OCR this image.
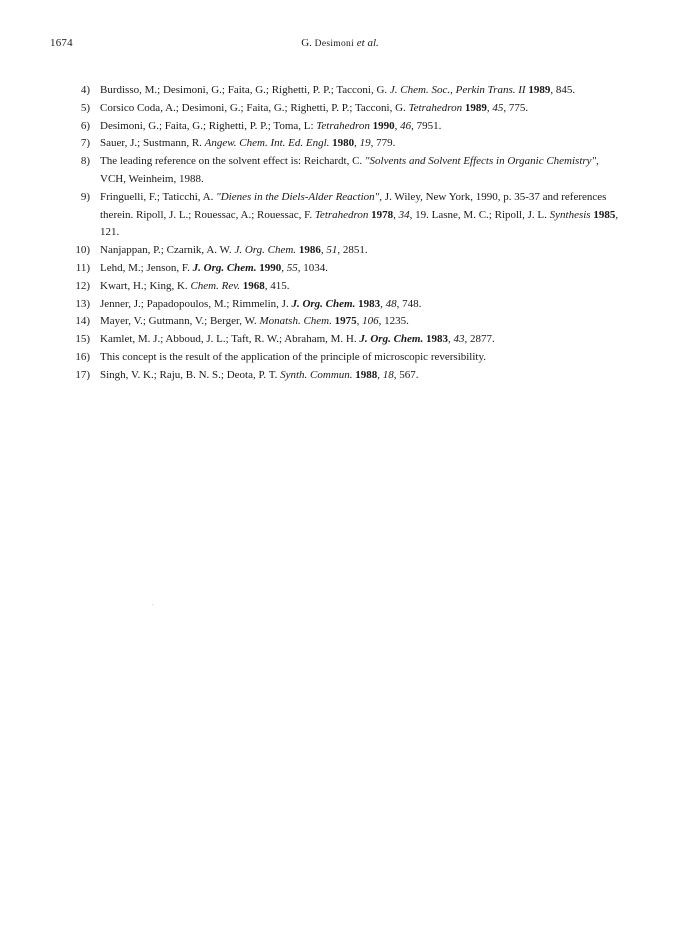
1674	G. Desimoni et al.
4) Burdisso, M.; Desimoni, G.; Faita, G.; Righetti, P. P.; Tacconi, G. J. Chem. Soc., Perkin Trans. II 1989, 845.
5) Corsico Coda, A.; Desimoni, G.; Faita, G.; Righetti, P. P.; Tacconi, G. Tetrahedron 1989, 45, 775.
6) Desimoni, G.; Faita, G.; Righetti, P. P.; Toma, L: Tetrahedron 1990, 46, 7951.
7) Sauer, J.; Sustmann, R. Angew. Chem. Int. Ed. Engl. 1980, 19, 779.
8) The leading reference on the solvent effect is: Reichardt, C. "Solvents and Solvent Effects in Organic Chemistry", VCH, Weinheim, 1988.
9) Fringuelli, F.; Taticchi, A. "Dienes in the Diels-Alder Reaction", J. Wiley, New York, 1990, p. 35-37 and references therein. Ripoll, J. L.; Rouessac, A.; Rouessac, F. Tetrahedron 1978, 34, 19. Lasne, M. C.; Ripoll, J. L. Synthesis 1985, 121.
10) Nanjappan, P.; Czarnik, A. W. J. Org. Chem. 1986, 51, 2851.
11) Lehd, M.; Jenson, F. J. Org. Chem. 1990, 55, 1034.
12) Kwart, H.; King, K. Chem. Rev. 1968, 415.
13) Jenner, J.; Papadopoulos, M.; Rimmelin, J. J. Org. Chem. 1983, 48, 748.
14) Mayer, V.; Gutmann, V.; Berger, W. Monatsh. Chem. 1975, 106, 1235.
15) Kamlet, M. J.; Abboud, J. L.; Taft, R. W.; Abraham, M. H. J. Org. Chem. 1983, 43, 2877.
16) This concept is the result of the application of the principle of microscopic reversibility.
17) Singh, V. K.; Raju, B. N. S.; Deota, P. T. Synth. Commun. 1988, 18, 567.
